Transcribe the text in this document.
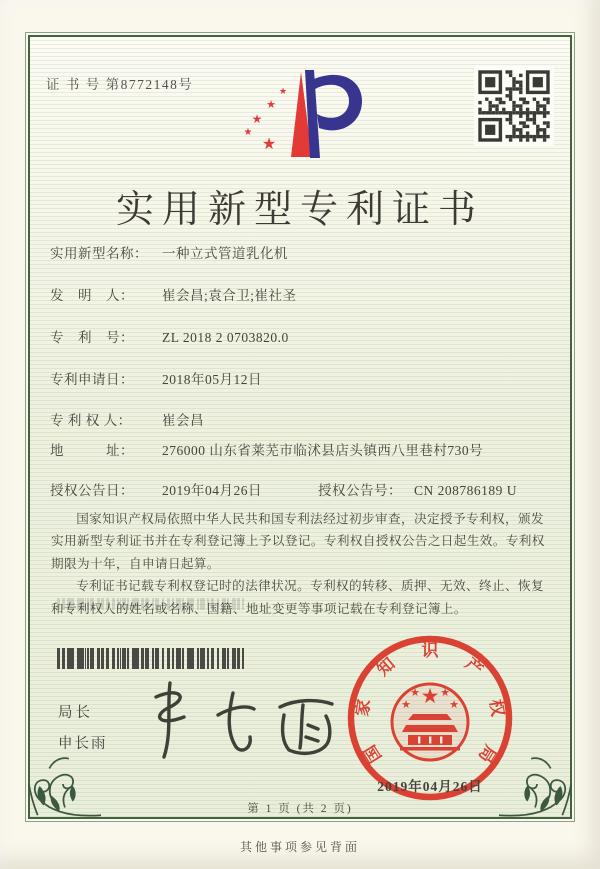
证 书 号 第8772148号	★
★
★
★
★
实用新型专利证书
实用新型名称：	一种立式管道乳化机
发　明　人：	崔会昌;袁合卫;崔社圣
专　利　号：	ZL 2018 2 0703820.0
专利申请日：	2018年05月12日
专 利 权 人：	崔会昌
地　　　址：	276000 山东省莱芜市临沭县店头镇西八里巷村730号
授权公告日：	2019年04月26日	授权公告号： CN 208786189 U

国家知识产权局依照中华人民共和国专利法经过初步审查，决定授予专利权，颁发实用新型专利证书并在专利登记簿上予以登记。专利权自授权公告之日起生效。专利权期限为十年，自申请日起算。

专利证书记载专利权登记时的法律状况。专利权的转移、质押、无效、终止、恢复和专利权人的姓名或名称、国籍、地址变更等事项记载在专利登记簿上。

局长
申长雨	国
家
知
识
产
权
局
★
★
★ ★
★
2019年04月26日
第 1 页 (共 2 页)
其他事项参见背面
